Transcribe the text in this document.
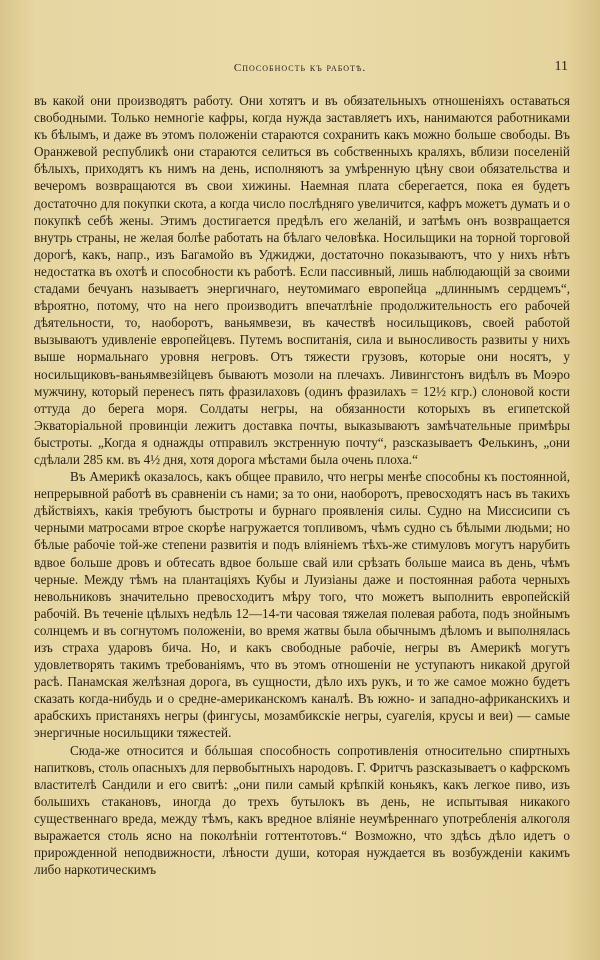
Способность къ работѣ.	11

въ какой они производятъ работу. Они хотятъ и въ обязательныхъ отношеніяхъ оставаться свободными. Только немногіе кафры, когда нужда заставляетъ ихъ, нанимаются работниками къ бѣлымъ, и даже въ этомъ положеніи стараются сохранить какъ можно больше свободы. Въ Оранжевой республикѣ они стараются селиться въ собственныхъ краляхъ, вблизи поселеній бѣлыхъ, приходятъ къ нимъ на день, исполняютъ за умѣренную цѣну свои обязательства и вечеромъ возвращаются въ свои хижины. Наемная плата сберегается, пока ея будетъ достаточно для покупки скота, а когда число послѣдняго увеличится, кафръ можетъ думать и о покупкѣ себѣ жены. Этимъ достигается предѣлъ его желаній, и затѣмъ онъ возвращается внутрь страны, не желая болѣе работать на бѣлаго человѣка. Носильщики на торной торговой дорогѣ, какъ, напр., изъ Багамойо въ Уджиджи, достаточно показываютъ, что у нихъ нѣтъ недостатка въ охотѣ и способности къ работѣ. Если пассивный, лишь наблюдающій за своими стадами бечуанъ называетъ энергичнаго, неутомимаго европейца „длиннымъ сердцемъ“, вѣроятно, потому, что на него производитъ впечатлѣніе продолжительность его рабочей дѣятельности, то, наоборотъ, ваньямвези, въ качествѣ носильщиковъ, своей работой вызываютъ удивленіе европейцевъ. Путемъ воспитанія, сила и выносливость развиты у нихъ выше нормальнаго уровня негровъ. Отъ тяжести грузовъ, которые они носятъ, у носильщиковъ-ваньямвезійцевъ бываютъ мозоли на плечахъ. Ливингстонъ видѣлъ въ Моэро мужчину, который перенесъ пять фразилаховъ (одинъ фразилахъ = 12½ кгр.) слоновой кости оттуда до берега моря. Солдаты негры, на обязанности которыхъ въ египетской Экваторіальной провинціи лежитъ доставка почты, выказываютъ замѣчательные примѣры быстроты. „Когда я однажды отправилъ экстренную почту“, разсказываетъ Фелькинъ, „они сдѣлали 285 км. въ 4½ дня, хотя дорога мѣстами была очень плоха.“

Въ Америкѣ оказалось, какъ общее правило, что негры менѣе способны къ постоянной, непрерывной работѣ въ сравненіи съ нами; за то они, наоборотъ, превосходятъ насъ въ такихъ дѣйствіяхъ, какія требуютъ быстроты и бурнаго проявленія силы. Судно на Миссисипи съ черными матросами втрое скорѣе нагружается топливомъ, чѣмъ судно съ бѣлыми людьми; но бѣлые рабочіе той-же степени развитія и подъ вліяніемъ тѣхъ-же стимуловъ могутъ нарубить вдвое больше дровъ и обтесать вдвое больше свай или срѣзать больше маиса въ день, чѣмъ черные. Между тѣмъ на плантаціяхъ Кубы и Луизіаны даже и постоянная работа черныхъ невольниковъ значительно превосходитъ мѣру того, что можетъ выполнить европейскій рабочій. Въ теченіе цѣлыхъ недѣль 12—14-ти часовая тяжелая полевая работа, подъ знойнымъ солнцемъ и въ согнутомъ положеніи, во время жатвы была обычнымъ дѣломъ и выполнялась изъ страха ударовъ бича. Но, и какъ свободные рабочіе, негры въ Америкѣ могутъ удовлетворять такимъ требованіямъ, что въ этомъ отношеніи не уступаютъ никакой другой расѣ. Панамская желѣзная дорога, въ сущности, дѣло ихъ рукъ, и то же самое можно будетъ сказать когда-нибудь и о средне-американскомъ каналѣ. Въ южно- и западно-африканскихъ и арабскихъ пристаняхъ негры (фингусы, мозамбикскіе негры, суагелія, крусы и веи) — самые энергичные носильщики тяжестей.

Сюда-же относится и бóльшая способность сопротивленія относительно спиртныхъ напитковъ, столь опасныхъ для первобытныхъ народовъ. Г. Фритчъ разсказываетъ о кафрскомъ властителѣ Сандили и его свитѣ: „они пили самый крѣпкій коньякъ, какъ легкое пиво, изъ большихъ стакановъ, иногда до трехъ бутылокъ въ день, не испытывая никакого существеннаго вреда, между тѣмъ, какъ вредное вліяніе неумѣреннаго употребленія алкоголя выражается столь ясно на поколѣніи готтентотовъ.“ Возможно, что здѣсь дѣло идетъ о прирожденной неподвижности, лѣности души, которая нуждается въ возбужденіи какимъ либо наркотическимъ
